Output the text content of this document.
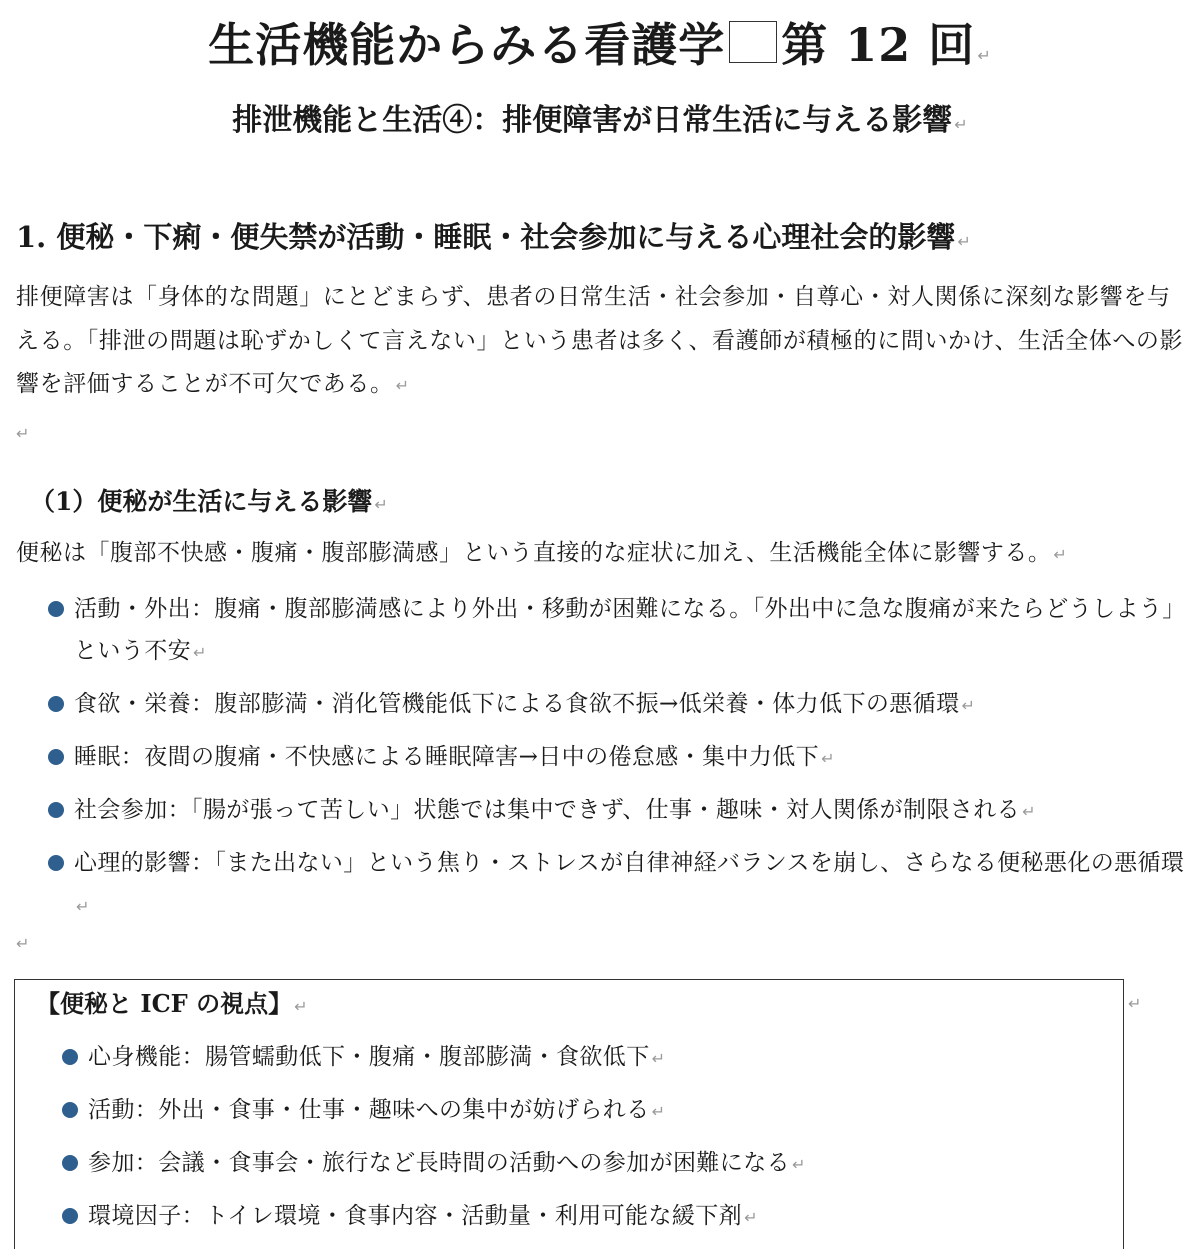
生活機能からみる看護学 第 12 回 ↵
排泄機能と生活④：排便障害が日常生活に与える影響 ↵
1. 便秘・下痢・便失禁が活動・睡眠・社会参加に与える心理社会的影響 ↵
排便障害は「身体的な問題」にとどまらず、患者の日常生活・社会参加・自尊心・対人関係に深刻な影響を与える。「排泄の問題は恥ずかしくて言えない」という患者は多く、看護師が積極的に問いかけ、生活全体への影響を評価することが不可欠である。 ↵
↵
（1）便秘が生活に与える影響 ↵
便秘は「腹部不快感・腹痛・腹部膨満感」という直接的な症状に加え、生活機能全体に影響する。 ↵
活動・外出：腹痛・腹部膨満感により外出・移動が困難になる。「外出中に急な腹痛が来たらどうしよう」という不安 ↵
食欲・栄養：腹部膨満・消化管機能低下による食欲不振→低栄養・体力低下の悪循環 ↵
睡眠：夜間の腹痛・不快感による睡眠障害→日中の倦怠感・集中力低下 ↵
社会参加：「腸が張って苦しい」状態では集中できず、仕事・趣味・対人関係が制限される ↵
心理的影響：「また出ない」という焦り・ストレスが自律神経バランスを崩し、さらなる便秘悪化の悪循環↵
↵
【便秘と ICF の視点】 ↵	↵
心身機能：腸管蠕動低下・腹痛・腹部膨満・食欲低下 ↵
活動：外出・食事・仕事・趣味への集中が妨げられる ↵
参加：会議・食事会・旅行など長時間の活動への参加が困難になる ↵
環境因子：トイレ環境・食事内容・活動量・利用可能な緩下剤 ↵
